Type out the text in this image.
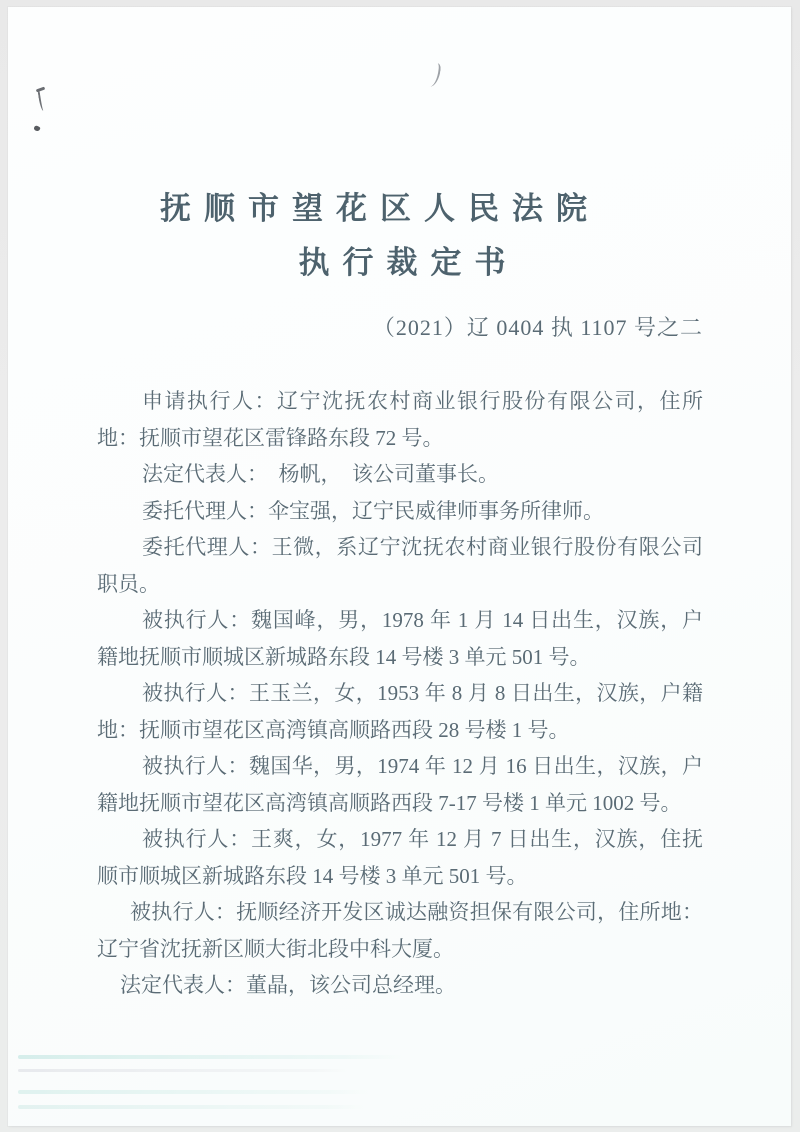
抚顺市望花区人民法院
执行裁定书
（2021）辽 0404 执 1107 号之二

申请执行人：辽宁沈抚农村商业银行股份有限公司，住所地：抚顺市望花区雷锋路东段 72 号。

法定代表人：　杨帆，　该公司董事长。

委托代理人：伞宝强，辽宁民威律师事务所律师。

委托代理人：王微，系辽宁沈抚农村商业银行股份有限公司职员。

被执行人：魏国峰，男，1978 年 1 月 14 日出生，汉族，户籍地抚顺市顺城区新城路东段 14 号楼 3 单元 501 号。

被执行人：王玉兰，女，1953 年 8 月 8 日出生，汉族，户籍地：抚顺市望花区高湾镇高顺路西段 28 号楼 1 号。

被执行人：魏国华，男，1974 年 12 月 16 日出生，汉族，户籍地抚顺市望花区高湾镇高顺路西段 7-17 号楼 1 单元 1002 号。

被执行人：王爽，女，1977 年 12 月 7 日出生，汉族，住抚顺市顺城区新城路东段 14 号楼 3 单元 501 号。

被执行人：抚顺经济开发区诚达融资担保有限公司，住所地：辽宁省沈抚新区顺大街北段中科大厦。

法定代表人：董晶，该公司总经理。
